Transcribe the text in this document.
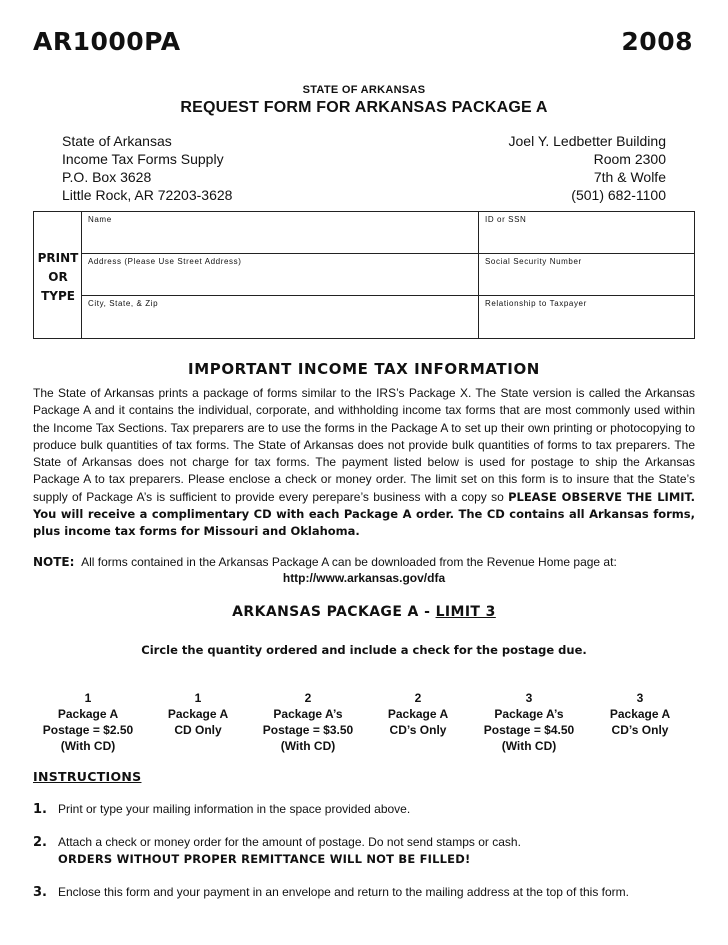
AR1000PA	2008
STATE OF ARKANSAS
REQUEST FORM FOR ARKANSAS PACKAGE A
State of Arkansas
Income Tax Forms Supply
P.O. Box 3628
Little Rock, AR 72203-3628
Joel Y. Ledbetter Building
Room 2300
7th & Wolfe
(501) 682-1100
PRINT
OR
TYPE
Name	ID or SSN
Address (Please Use Street Address)	Social Security Number
City, State, & Zip	Relationship to Taxpayer
IMPORTANT INCOME TAX INFORMATION
The State of Arkansas prints a package of forms similar to the IRS’s Package X. The State version is called the Arkansas Package A and it contains the individual, corporate, and withholding income tax forms that are most commonly used within the Income Tax Sections. Tax preparers are to use the forms in the Package A to set up their own printing or photocopying to produce bulk quantities of tax forms. The State of Arkansas does not provide bulk quantities of forms to tax preparers. The State of Arkansas does not charge for tax forms. The payment listed below is used for postage to ship the Arkansas Package A to tax preparers. Please enclose a check or money order. The limit set on this form is to insure that the State’s supply of Package A’s is sufficient to provide every perepare’s business with a copy so PLEASE OBSERVE THE LIMIT. You will receive a complimentary CD with each Package A order. The CD contains all Arkansas forms, plus income tax forms for Missouri and Oklahoma.
NOTE: All forms contained in the Arkansas Package A can be downloaded from the Revenue Home page at:
http://www.arkansas.gov/dfa
ARKANSAS PACKAGE A - LIMIT 3
Circle the quantity ordered and include a check for the postage due.
1
Package A
Postage = $2.50
(With CD)
1
Package A
CD Only
2
Package A’s
Postage = $3.50
(With CD)
2
Package A
CD’s Only
3
Package A’s
Postage = $4.50
(With CD)
3
Package A
CD’s Only
INSTRUCTIONS
1. Print or type your mailing information in the space provided above.
2. Attach a check or money order for the amount of postage. Do not send stamps or cash.
ORDERS WITHOUT PROPER REMITTANCE WILL NOT BE FILLED!
3. Enclose this form and your payment in an envelope and return to the mailing address at the top of this form.
